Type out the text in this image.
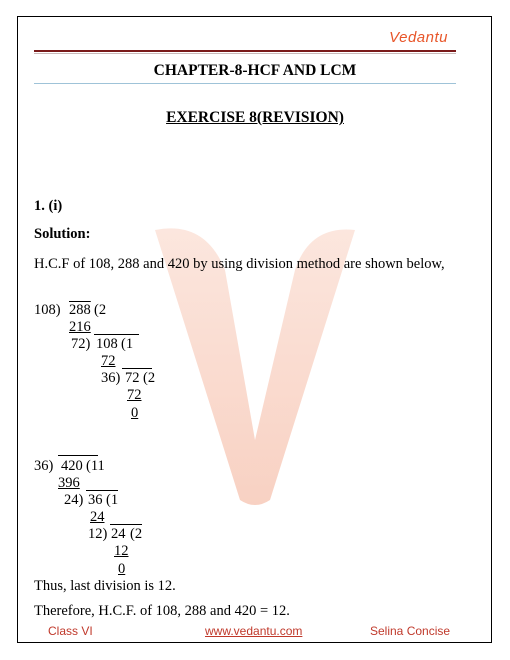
Vedantu
CHAPTER-8-HCF AND LCM
EXERCISE 8(REVISION)
1. (i)
Solution:
H.C.F of 108, 288 and 420 by using division method are shown below,
108) 288 (2
216
72) 108 (1
72
36) 72 (2
72
0
36) 420 (11
396
24) 36 (1
24
12) 24 (2
12
0
Thus, last division is 12.
Therefore, H.C.F. of 108, 288 and 420 = 12.
Class VI	www.vedantu.com	Selina Concise
